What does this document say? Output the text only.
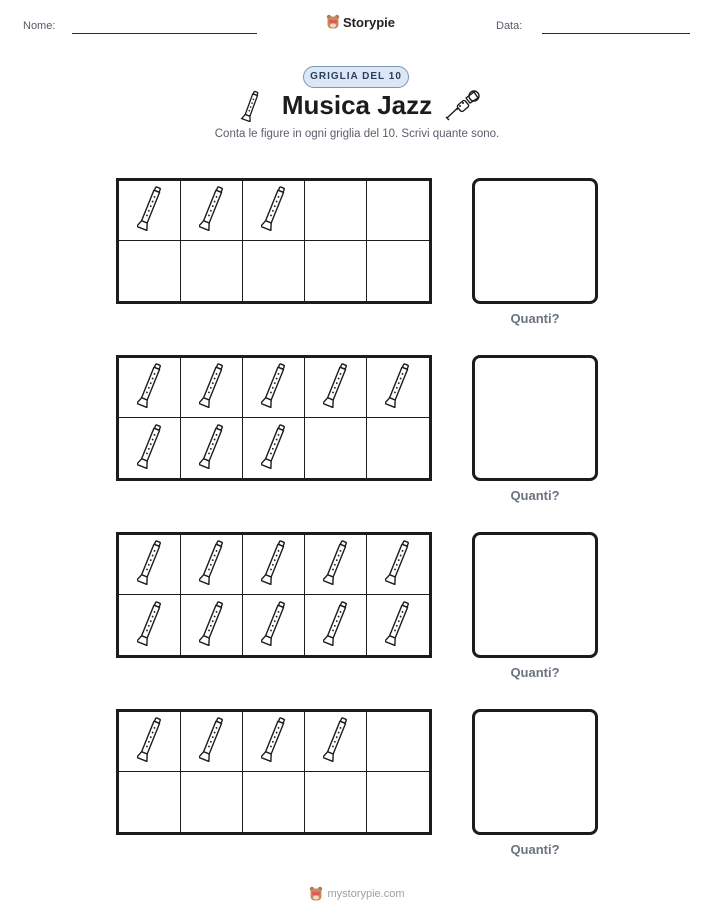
Nome:	Storypie	Data:
GRIGLIA DEL 10
Musica Jazz
Conta le figure in ogni griglia del 10. Scrivi quante sono.
Quanti?
Quanti?
Quanti?
Quanti?
mystorypie.com
